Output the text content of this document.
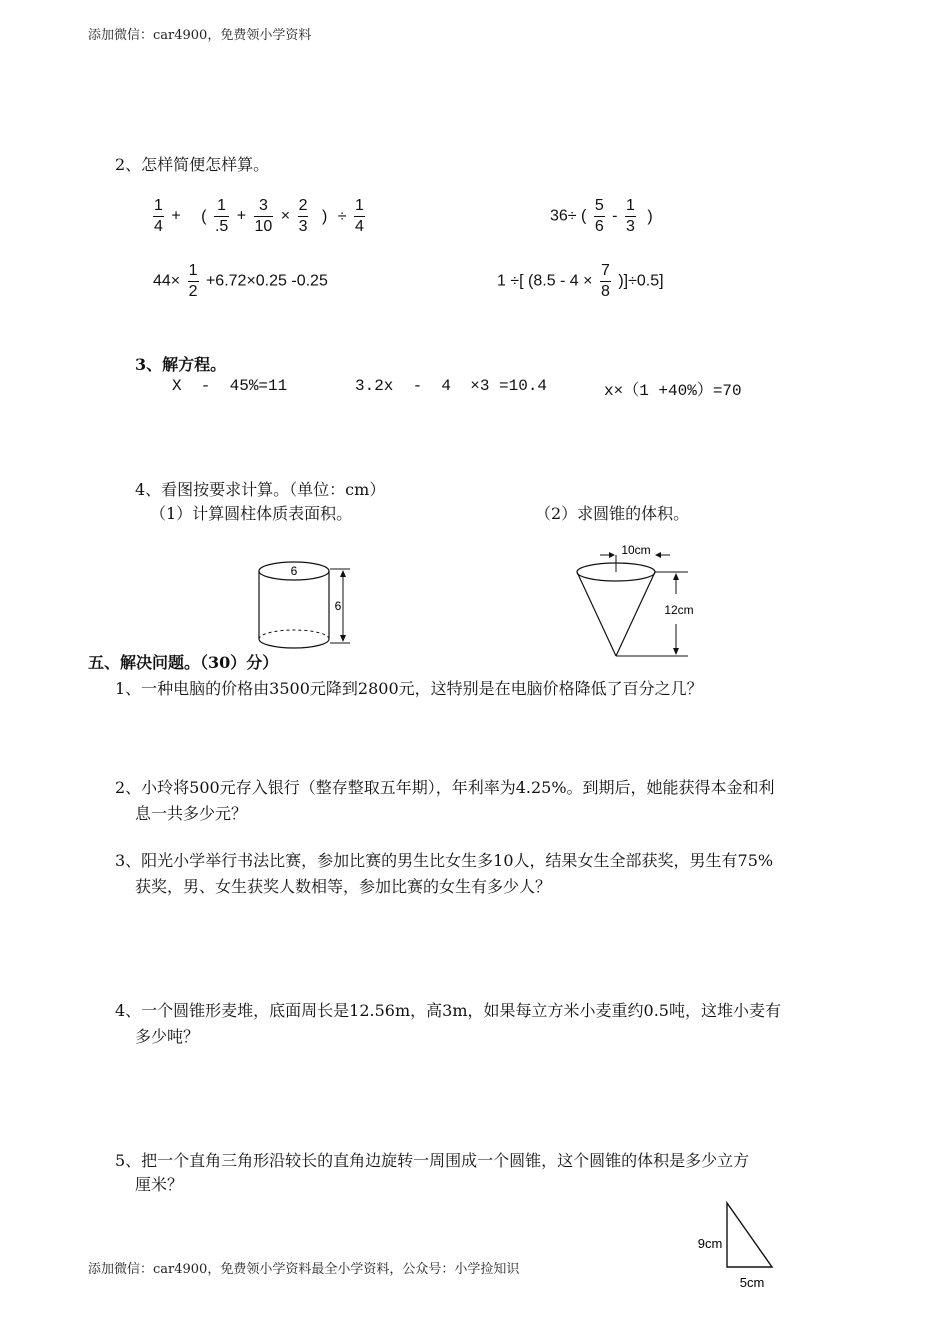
添加微信：car4900，免费领小学资料
2、怎样简便怎样算。
$\frac{1}{4}$ + ( $\frac{1}{.5} + \frac{3}{10} \times \frac{2}{3}$ ) ÷ $\frac{1}{4}$	36÷ ( $\frac{5}{6} - \frac{1}{3}$ )
$44\times \frac{1}{2} +6.72\times 0.25$ -0.25	1 ÷[ $(8.5 - 4 \times \frac{7}{8} )]\div 0.5$]
3、解方程。
X  -  45%=11	3.2x  -  4  ×3 =10.4	x×（1 +40%）=70
4、看图按要求计算。（单位：cm）
（1）计算圆柱体质表面积。	（2）求圆锥的体积。
6
6
10cm
12cm
五、解决问题。（30）分）
1、一种电脑的价格由3500元降到2800元，这特别是在电脑价格降低了百分之几？
2、小玲将500元存入银行（整存整取五年期），年利率为4.25%。到期后，她能获得本金和利
息一共多少元？
3、阳光小学举行书法比赛，参加比赛的男生比女生多10人，结果女生全部获奖，男生有75%
获奖，男、女生获奖人数相等，参加比赛的女生有多少人？
4、一个圆锥形麦堆，底面周长是12.56m，高3m，如果每立方米小麦重约0.5吨，这堆小麦有
多少吨？
5、把一个直角三角形沿较长的直角边旋转一周围成一个圆锥，这个圆锥的体积是多少立方
厘米？
9cm
5cm
添加微信：car4900，免费领小学资料最全小学资料，公众号：小学捡知识
